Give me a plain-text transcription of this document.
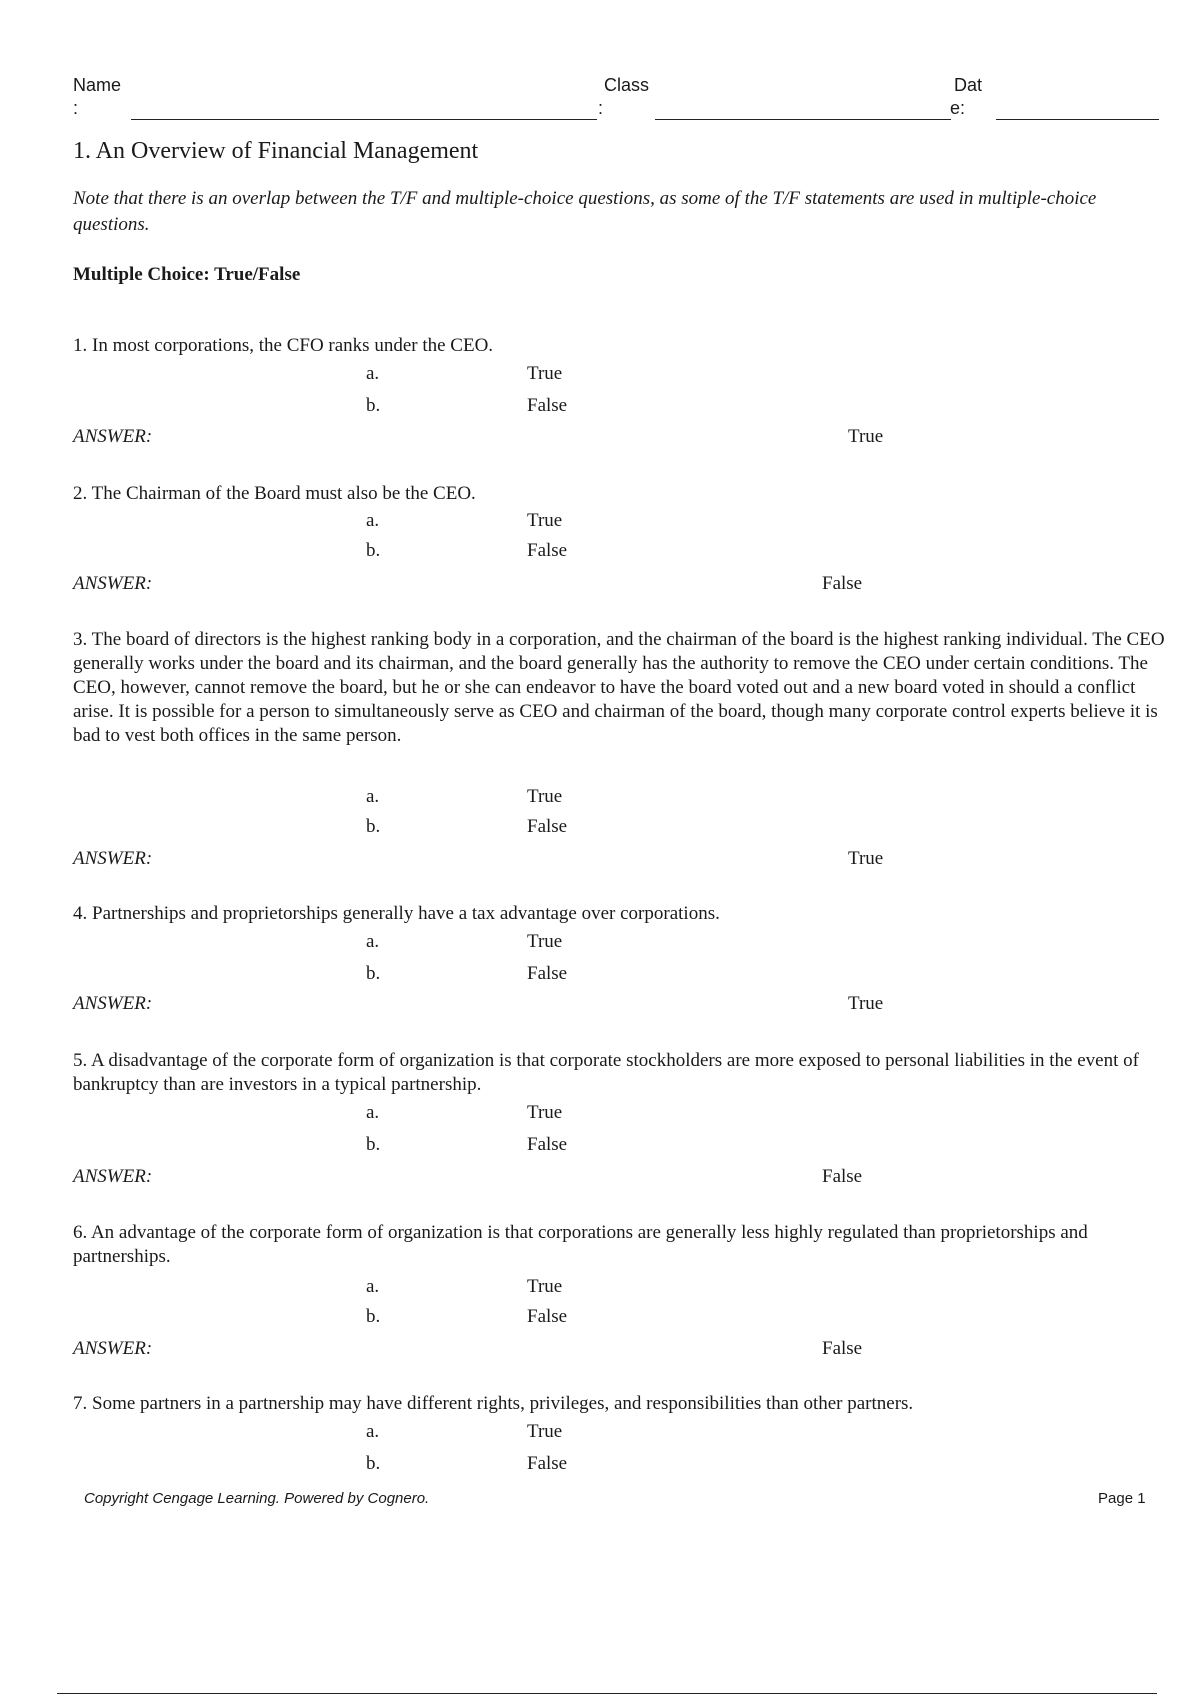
Name
:
Class
:
Dat
e:
1. An Overview of Financial Management
Note that there is an overlap between the T/F and multiple-choice questions, as some of the T/F statements are used in multiple-choice questions.
Multiple Choice: True/False
1. In most corporations, the CFO ranks under the CEO.
a.	True
b.	False
ANSWER:	True
2. The Chairman of the Board must also be the CEO.
a.	True
b.	False
ANSWER:	False
3. The board of directors is the highest ranking body in a corporation, and the chairman of the board is the highest ranking individual. The CEO generally works under the board and its chairman, and the board generally has the authority to remove the CEO under certain conditions. The CEO, however, cannot remove the board, but he or she can endeavor to have the board voted out and a new board voted in should a conflict arise. It is possible for a person to simultaneously serve as CEO and chairman of the board, though many corporate control experts believe it is bad to vest both offices in the same person.
a.	True
b.	False
ANSWER:	True
4. Partnerships and proprietorships generally have a tax advantage over corporations.
a.	True
b.	False
ANSWER:	True
5. A disadvantage of the corporate form of organization is that corporate stockholders are more exposed to personal liabilities in the event of bankruptcy than are investors in a typical partnership.
a.	True
b.	False
ANSWER:	False
6. An advantage of the corporate form of organization is that corporations are generally less highly regulated than proprietorships and partnerships.
a.	True
b.	False
ANSWER:	False
7. Some partners in a partnership may have different rights, privileges, and responsibilities than other partners.
a.	True
b.	False
Copyright Cengage Learning. Powered by Cognero.	Page 1
